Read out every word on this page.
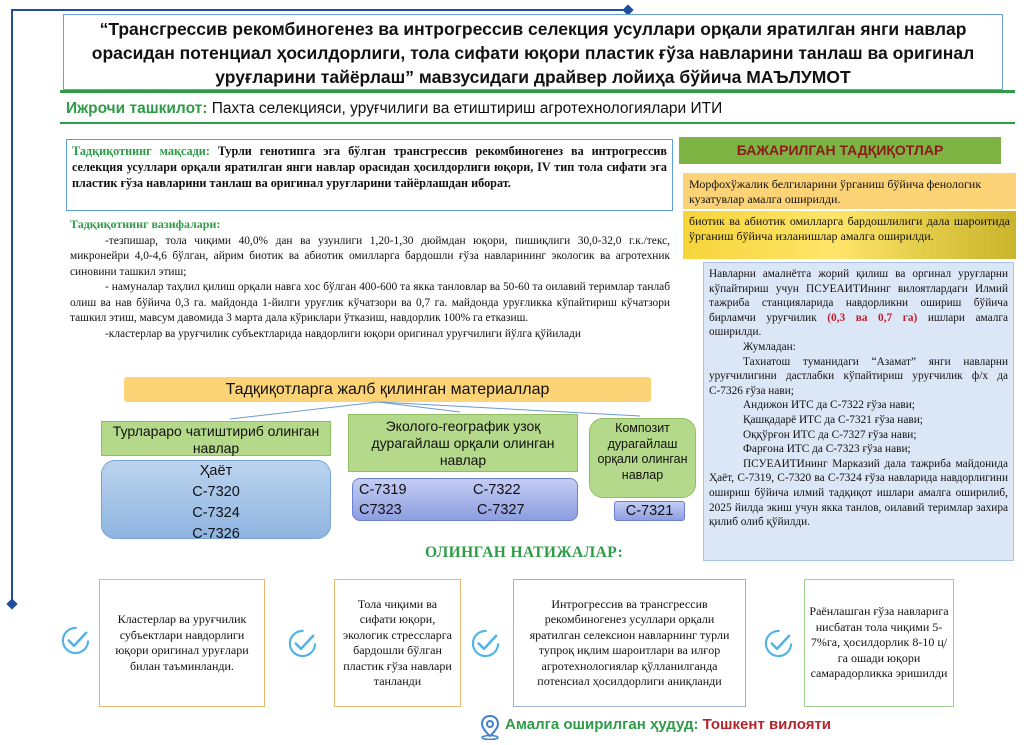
“Трансгрессив рекомбиногенез ва интрогрессив селекция усуллари орқали яратилган янги навлар орасидан потенциал ҳосилдорлиги, тола сифати юқори пластик ғўза навларини танлаш ва оригинал уруғларини тайёрлаш” мавзусидаги драйвер лойиҳа бўйича МАЪЛУМОТ
Ижрочи ташкилот: Пахта селекцияси, уруғчилиги ва етиштириш агротехнологиялари ИТИ
Тадқиқотнинг мақсади: Турли генотипга эга бўлган трансгрессив рекомбиногенез ва интрогрессив селекция усуллари орқали яратилган янги навлар орасидан ҳосилдорлиги юқори, IV тип тола сифати эга пластик ғўза навларини танлаш ва оригинал уруғларини тайёрлашдан иборат.
Тадқиқотнинг вазифалари:

-тезпишар, тола чиқими 40,0% дан ва узунлиги 1,20-1,30 дюймдан юқори, пишиқлиги 30,0-32,0 г.к./текс, микронейри 4,0-4,6 бўлган, айрим биотик ва абиотик омилларга бардошли ғўза навларининг экологик ва агротехник синовини ташкил этиш;

- намуналар таҳлил қилиш орқали навга хос бўлган 400-600 та якка танловлар ва 50-60 та оилавий теримлар танлаб олиш ва нав бўйича 0,3 га. майдонда 1-йилги уруғлик кўчатзори ва 0,7 га. майдонда уруғликка кўпайтириш кўчатзори ташкил этиш, мавсум давомида 3 марта дала кўриклари ўтказиш, навдорлик 100% га етказиш.

-кластерлар ва уруғчилик субъектларида навдорлиги юқори оригинал уруғчилиги йўлга қўйилади

Тадқиқотларга жалб қилинган материаллар
Турлараро чатиштириб олинган навлар
Ҳаёт
С-7320
С-7324
С-7326
Эколого-географик узоқ дурагайлаш орқали олинган навлар
С-7319	С-7322
С7323	С-7327
Композит дурагайлаш орқали олинган навлар
С-7321
ОЛИНГАН НАТИЖАЛАР:
Кластерлар ва уруғчилик субъектлари навдорлиги юқори оригинал уруғлари билан таъминланди.
Тола чиқими ва сифати юқори, экологик стрессларга бардошли бўлган пластик ғўза навлари танланди
Интрогрессив ва трансгрессив рекомбиногенез усуллари орқали яратилган селексион навларнинг турли тупроқ иқлим шароитлари ва илғор агротехнологиялар қўлланилганда потенсиал ҳосилдорлиги аниқланди
Раёнлашган ғўза навларига нисбатан тола чиқими 5-7%га, ҳосилдорлик 8-10 ц/га ошади юқори самарадорликка эришилди
Амалга оширилган ҳудуд: Тошкент вилояти
БАЖАРИЛГАН ТАДҚИҚОТЛАР
Морфохўжалик белгиларини ўрганиш бўйича фенологик кузатувлар амалга оширилди.
биотик ва абиотик омилларга бардошлилиги дала шароитида ўрганиш бўйича изланишлар амалга оширилди.

Навларни амалиётга жорий қилиш ва оргинал уруғларни кўпайтириш учун ПСУЕАИТИнинг вилоятлардаги Илмий тажриба станцияларида навдорликни ошириш бўйича бирламчи уруғчилик (0,3 ва 0,7 га) ишлари амалга оширилди.

Жумладан:

Тахиатош туманидаги “Азамат” янги навларни уруғчилигини дастлабки кўпайтириш уруғчилик ф/х да С-7326 ғўза нави;

Андижон ИТС да С-7322 ғўза нави;

Қашқадарё ИТС да С-7321 ғўза нави;

Оққўрғон ИТС да С-7327 ғўза нави;

Фарғона ИТС да С-7323 ғўза нави;

ПСУЕАИТИнинг Марказий дала тажриба майдонида Ҳаёт, С-7319, С-7320 ва С-7324 ғўза навларида навдорлигини ошириш бўйича илмий тадқиқот ишлари амалга оширилиб, 2025 йилда экиш учун якка танлов, оилавий теримлар захира қилиб олиб қўйилди.
